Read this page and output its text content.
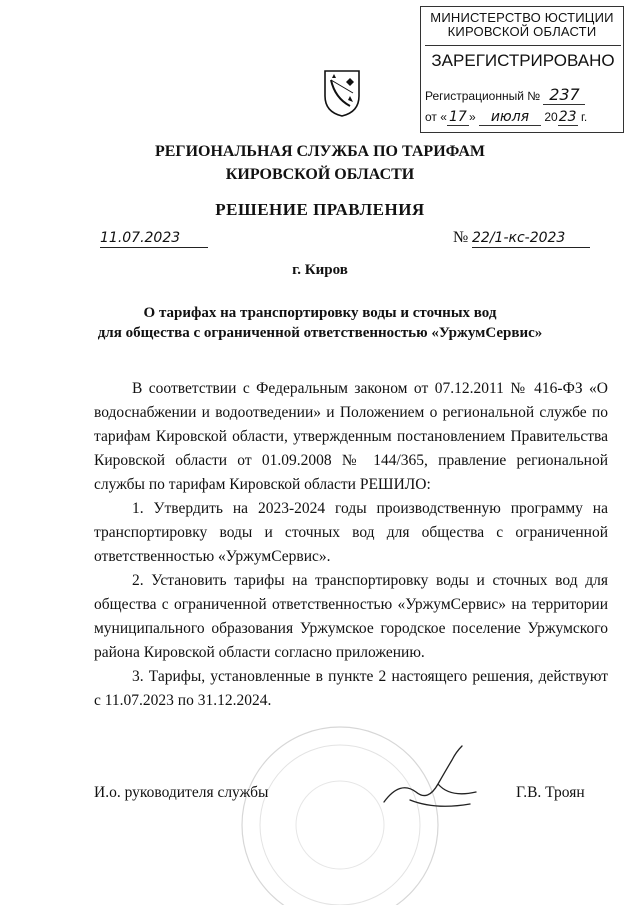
МИНИСТЕРСТВО ЮСТИЦИИ
КИРОВСКОЙ ОБЛАСТИ
ЗАРЕГИСТРИРОВАНО
Регистрационный № 237
от « 17 » июля 2023 г.
РЕГИОНАЛЬНАЯ СЛУЖБА ПО ТАРИФАМ
КИРОВСКОЙ ОБЛАСТИ
РЕШЕНИЕ ПРАВЛЕНИЯ
11.07.2023	№ 22/1-кс-2023
г. Киров
О тарифах на транспортировку воды и сточных вод
для общества с ограниченной ответственностью «УржумСервис»

В соответствии с Федеральным законом от 07.12.2011 № 416-ФЗ «О водоснабжении и водоотведении» и Положением о региональной службе по тарифам Кировской области, утвержденным постановлением Правительства Кировской области от 01.09.2008 № 144/365, правление региональной службы по тарифам Кировской области РЕШИЛО:

1. Утвердить на 2023-2024 годы производственную программу на транспортировку воды и сточных вод для общества с ограниченной ответственностью «УржумСервис».

2. Установить тарифы на транспортировку воды и сточных вод для общества с ограниченной ответственностью «УржумСервис» на территории муниципального образования Уржумское городское поселение Уржумского района Кировской области согласно приложению.

3. Тарифы, установленные в пункте 2 настоящего решения, действуют с 11.07.2023 по 31.12.2024.

И.о. руководителя службы	Г.В. Троян
